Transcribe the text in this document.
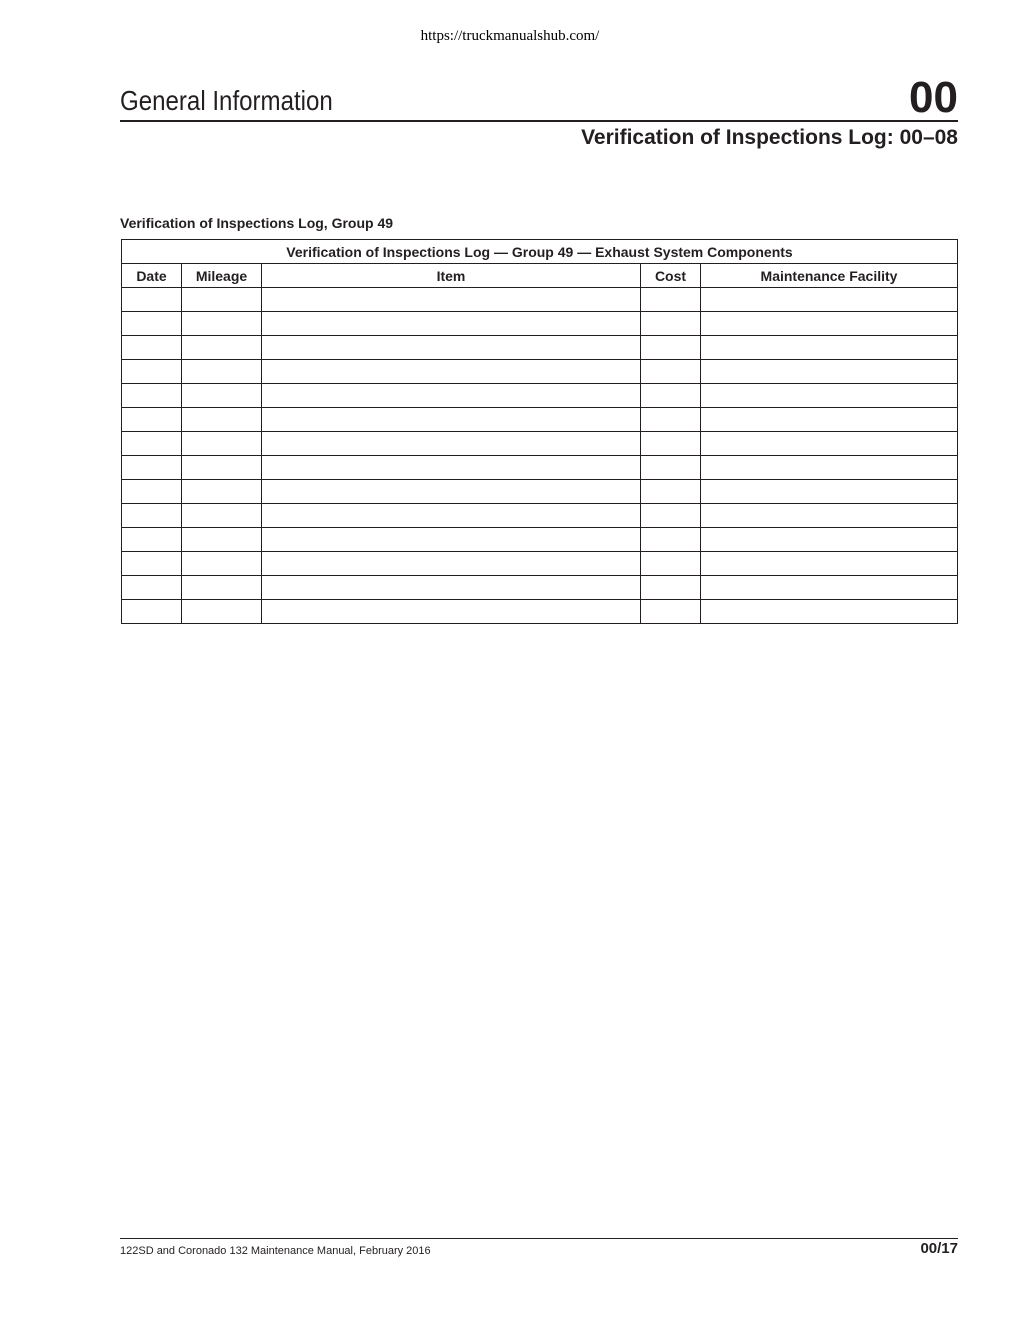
https://truckmanualshub.com/
General Information	00
Verification of Inspections Log: 00–08
Verification of Inspections Log, Group 49
Verification of Inspections Log — Group 49 — Exhaust System Components				
Date	Mileage	Item	Cost	Maintenance Facility

122SD and Coronado 132 Maintenance Manual, February 2016	00/17
